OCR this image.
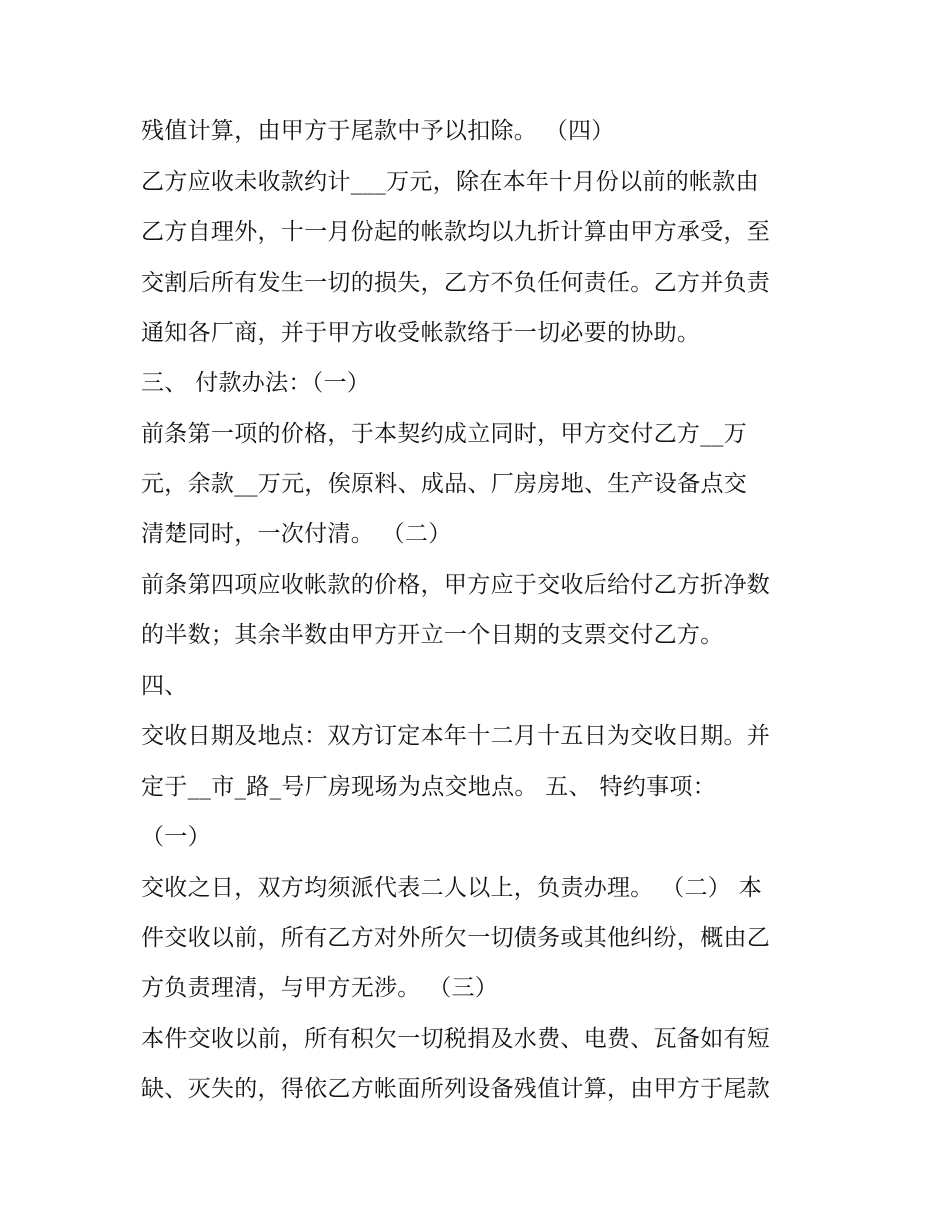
残值计算，由甲方于尾款中予以扣除。 （四）
乙方应收未收款约计___万元，除在本年十月份以前的帐款由
乙方自理外，十一月份起的帐款均以九折计算由甲方承受，至
交割后所有发生一切的损失，乙方不负任何责任。乙方并负责
通知各厂商，并于甲方收受帐款络于一切必要的协助。
三、 付款办法：（一）
前条第一项的价格，于本契约成立同时，甲方交付乙方__万
元，余款__万元，俟原料、成品、厂房房地、生产设备点交
清楚同时，一次付清。 （二）
前条第四项应收帐款的价格，甲方应于交收后给付乙方折净数
的半数；其余半数由甲方开立一个日期的支票交付乙方。
四、
交收日期及地点：双方订定本年十二月十五日为交收日期。并
定于__市_路_号厂房现场为点交地点。 五、 特约事项：
（一）
交收之日，双方均须派代表二人以上，负责办理。 （二） 本
件交收以前，所有乙方对外所欠一切债务或其他纠纷，概由乙
方负责理清，与甲方无涉。 （三）
本件交收以前，所有积欠一切税捐及水费、电费、瓦备如有短
缺、灭失的，得依乙方帐面所列设备残值计算，由甲方于尾款
